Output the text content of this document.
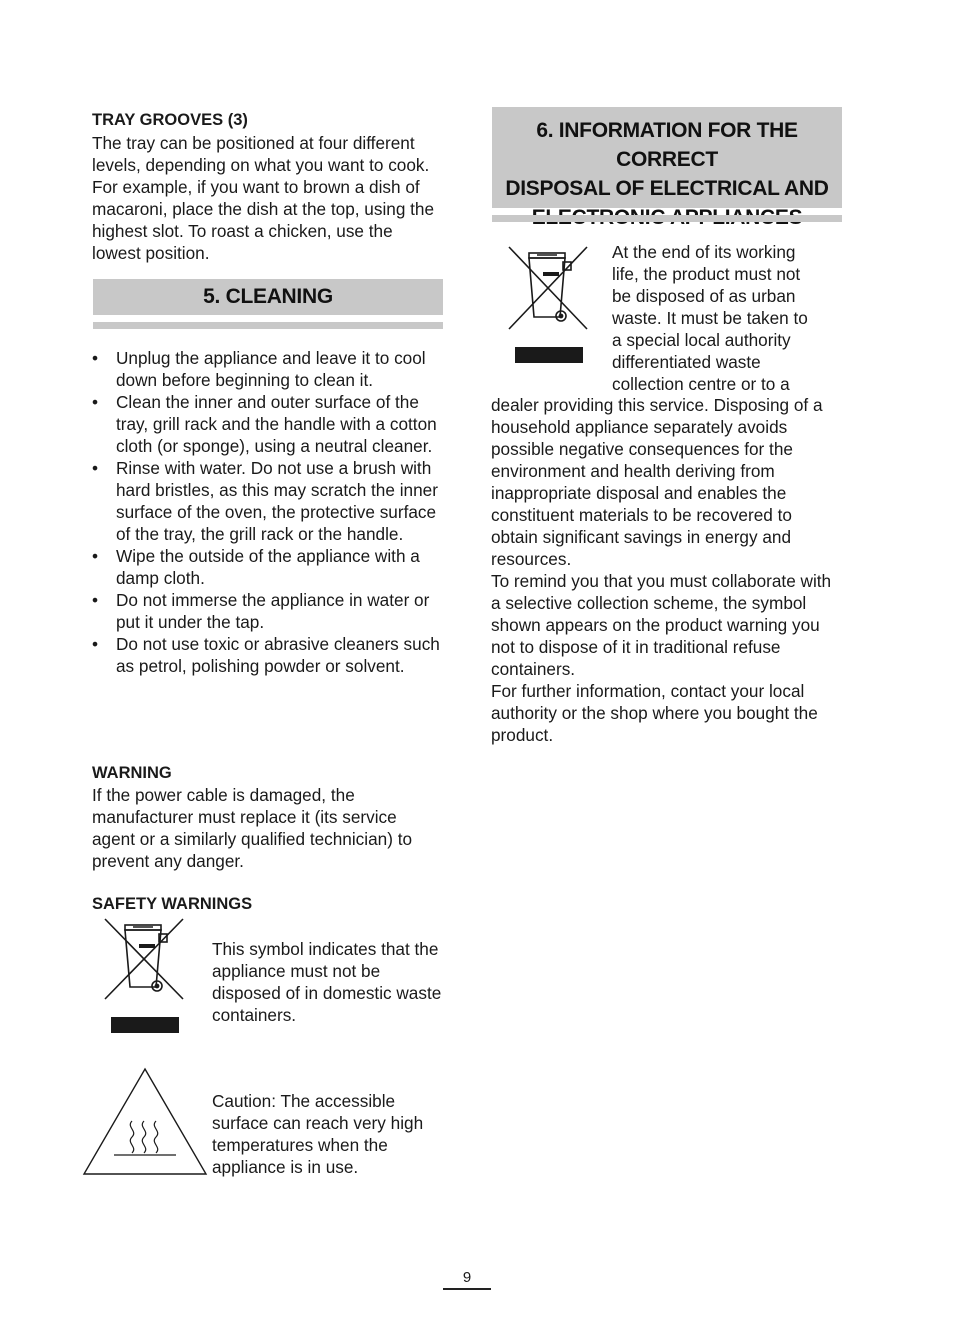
TRAY GROOVES (3)
The tray can be positioned at four different levels, depending on what you want to cook. For example, if you want to brown a dish of macaroni, place the dish at the top, using the highest slot. To roast a chicken, use the lowest position.
5. CLEANING
• Unplug the appliance and leave it to cool down before beginning to clean it.
• Clean the inner and outer surface of the tray, grill rack and the handle with a cotton cloth (or sponge), using a neutral cleaner.
• Rinse with water. Do not use a brush with hard bristles, as this may scratch the inner surface of the oven, the protective surface of the tray, the grill rack or the handle.
• Wipe the outside of the appliance with a damp cloth.
• Do not immerse the appliance in water or put it under the tap.
• Do not use toxic or abrasive cleaners such as petrol, polishing powder or solvent.
WARNING
If the power cable is damaged, the manufacturer must replace it (its service agent or a similarly qualified technician) to prevent any danger.
SAFETY WARNINGS
This symbol indicates that the appliance must not be disposed of in domestic waste containers.
Caution: The accessible surface can reach very high temperatures when the appliance is in use.
6. INFORMATION FOR THE CORRECT
DISPOSAL OF ELECTRICAL AND
At the end of its working
life, the product must not
be disposed of as urban
waste. It must be taken to
a special local authority
differentiated waste
collection centre or to a
dealer providing this service. Disposing of a household appliance separately avoids possible negative consequences for the environment and health deriving from inappropriate disposal and enables the constituent materials to be recovered to obtain significant savings in energy and resources.
To remind you that you must collaborate with a selective collection scheme, the symbol shown appears on the product warning you not to dispose of it in traditional refuse containers.
For further information, contact your local authority or the shop where you bought the product.
9
